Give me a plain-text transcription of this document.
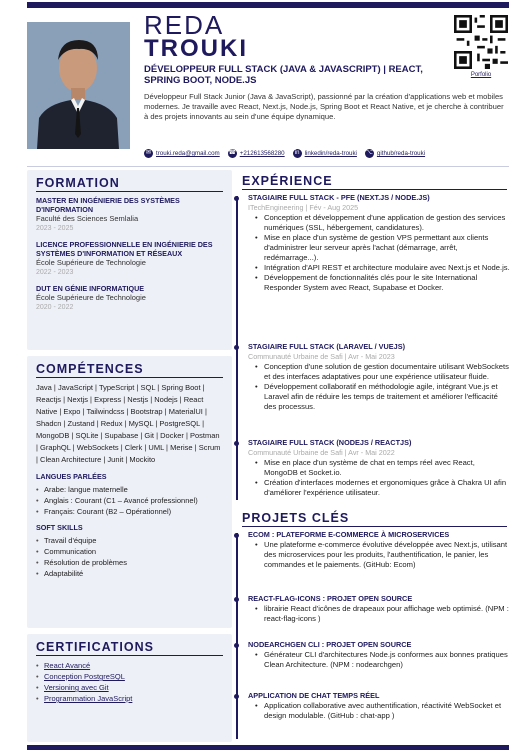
REDA
TROUKI
DÉVELOPPEUR FULL STACK (JAVA & JAVASCRIPT) | REACT, SPRING BOOT, NODE.JS
Développeur Full Stack Junior (Java & JavaScript), passionné par la création d'applications web et mobiles modernes. Je travaille avec React, Next.js, Node.js, Spring Boot et React Native, et je cherche à contribuer à des projets innovants au sein d'une équipe dynamique.
Porfolio
✉ trouki.reda@gmail.com ☎ +212613568280	in linkedin/reda-trouki ⌥ github/reda-trouki
FORMATION
MASTER EN INGÉNIERIE DES SYSTÈMES D'INFORMATION
Faculté des Sciences Semlalia
2023 - 2025
LICENCE PROFESSIONNELLE EN INGÉNIERIE DES SYSTÈMES D'INFORMATION ET RÉSEAUX
École Supérieure de Technologie
2022 - 2023
DUT EN GÉNIE INFORMATIQUE
École Supérieure de Technologie
2020 - 2022
COMPÉTENCES
Java | JavaScript | TypeScript | SQL | Spring Boot | Reactjs | Nextjs | Express | Nestjs | Nodejs | React Native | Expo | Tailwindcss | Bootstrap | MaterialUI | Shadcn | Zustand | Redux | MySQL | PostgreSQL | MongoDB | SQLite | Supabase | Git | Docker | Postman | GraphQL | WebSockets | Clerk | UML | Merise | Scrum | Clean Architecture | Junit | Mockito
LANGUES PARLÉES
• Arabe: langue maternelle
• Anglais : Courant (C1 – Avancé professionnel)
• Français: Courant (B2 – Opérationnel)
SOFT SKILLS
• Travail d'équipe
• Communication
• Résolution de problèmes
• Adaptabilité
CERTIFICATIONS
• React Avancé
• Conception PostgreSQL
• Versioning avec Git
• Programmation JavaScript
EXPÉRIENCE
STAGIAIRE FULL STACK - PFE (NEXT.JS / NODE.JS)
ITechEngineering | Fév - Aug 2025
• Conception et développement d'une application de gestion des services numériques (SSL, hébergement, candidatures).
• Mise en place d'un système de gestion VPS permettant aux clients d'administrer leur serveur après l'achat (démarrage, arrêt, redémarrage...).
• Intégration d'API REST et architecture modulaire avec Next.js et Node.js.
• Développement de fonctionnalités clés pour le site International Responder System avec React, Supabase et Docker.
STAGIAIRE FULL STACK (LARAVEL / VUEJS)
Communauté Urbaine de Safi | Avr - Mai 2023
• Conception d'une solution de gestion documentaire utilisant WebSockets et des interfaces adaptatives pour une expérience utilisateur fluide.
• Développement collaboratif en méthodologie agile, intégrant Vue.js et Laravel afin de réduire les temps de traitement et améliorer l'efficacité des processus.
STAGIAIRE FULL STACK (NODEJS / REACTJS)
Communauté Urbaine de Safi | Avr - Mai 2022
• Mise en place d'un système de chat en temps réel avec React, MongoDB et Socket.io.
• Création d'interfaces modernes et ergonomiques grâce à Chakra UI afin d'améliorer l'expérience utilisateur.
PROJETS CLÉS
ECOM : PLATEFORME E-COMMERCE À MICROSERVICES
• Une plateforme e-commerce évolutive développée avec Next.js, utilisant des microservices pour les produits, l'authentification, le panier, les commandes et le paiements. (GitHub: Ecom)
REACT-FLAG-ICONS : PROJET OPEN SOURCE
• librairie React d'icônes de drapeaux pour affichage web optimisé. (NPM : react-flag-icons )
NODEARCHGEN CLI : PROJET OPEN SOURCE
• Générateur CLI d'architectures Node.js conformes aux bonnes pratiques Clean Architecture. (NPM : nodearchgen)
APPLICATION DE CHAT TEMPS RÉEL
• Application collaborative avec authentification, réactivité WebSocket et design modulable. (GitHub : chat-app )
